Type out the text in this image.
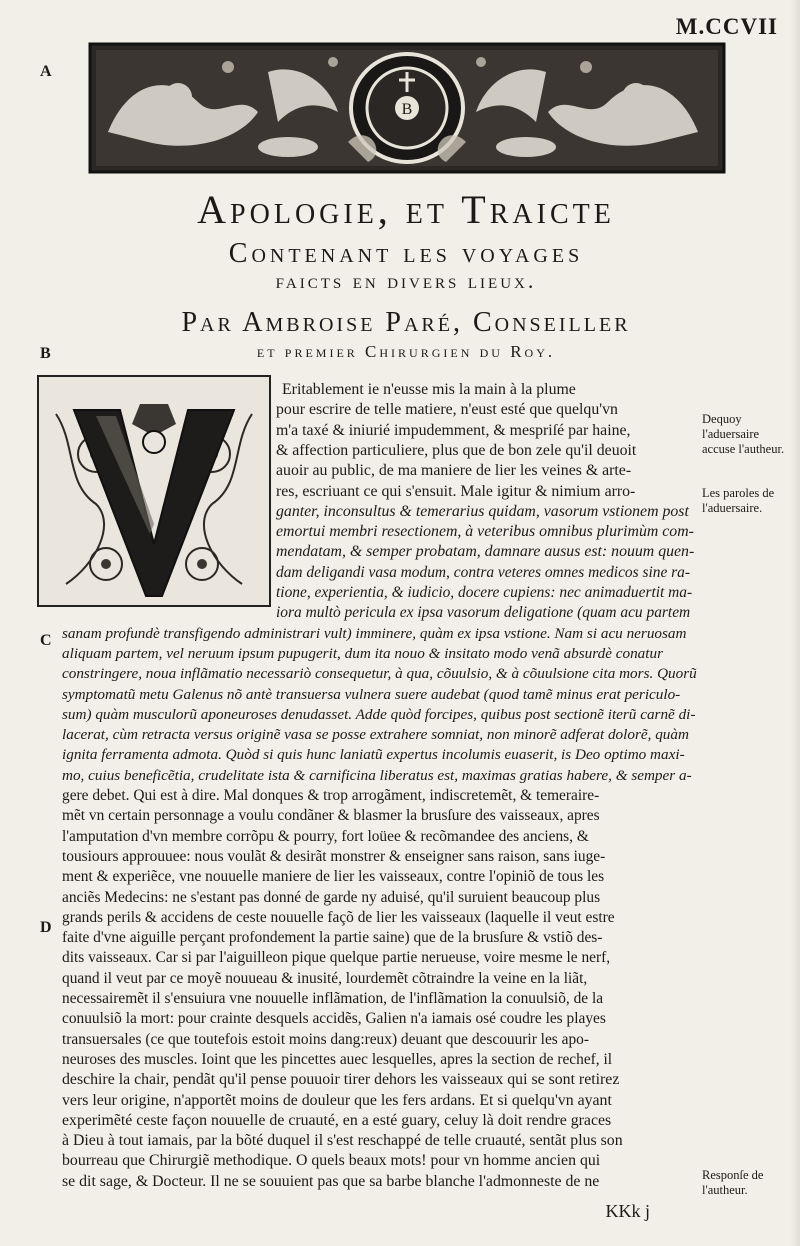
M.CCVII
A
B
C
D
B
Apologie, et Traicte
Contenant les voyages
faicts en divers lieux.
Par Ambroise Paré, Conseiller
et premier Chirurgien du Roy.
Eritablement ie n'eusse mis la main à la plume
pour escrire de telle matiere, n'eust esté que quelqu'vn
m'a taxé & iniurié impudemment, & mespriſé par haine,
& affection particuliere, plus que de bon zele qu'il deuoit
auoir au public, de ma maniere de lier les veines & arte-
res, escriuant ce qui s'ensuit. Male igitur & nimium arro-
ganter, inconsultus & temerarius quidam, vasorum vstionem post
emortui membri resectionem, à veteribus omnibus plurimùm com-
mendatam, & semper probatam, damnare ausus est: nouum quen-
dam deligandi vasa modum, contra veteres omnes medicos sine ra-
tione, experientia, & iudicio, docere cupiens: nec animaduertit ma-
iora multò pericula ex ipsa vasorum deligatione (quam acu partem
sanam profundè transfigendo administrari vult) imminere, quàm ex ipsa vstione. Nam si acu neruosam
aliquam partem, vel neruum ipsum pupugerit, dum ita nouo & insitato modo venã absurdè conatur
constringere, noua inflãmatio necessariò consequetur, à qua, cõuulsio, & à cõuulsione cita mors. Quorũ
symptomatũ metu Galenus nõ antè transuersa vulnera suere audebat (quod tamẽ minus erat periculo-
sum) quàm musculorũ aponeuroses denudasset. Adde quòd forcipes, quibus post sectionẽ iterũ carnẽ di-
lacerat, cùm retracta versus originẽ vasa se posse extrahere somniat, non minorẽ adferat dolorẽ, quàm
ignita ferramenta admota. Quòd si quis hunc laniatũ expertus incolumis euaserit, is Deo optimo maxi-
mo, cuius beneficẽtia, crudelitate ista & carnificina liberatus est, maximas gratias habere, & semper a-
gere debet. Qui est à dire. Mal donques & trop arrogãment, indiscretemẽt, & temeraire-
mẽt vn certain personnage a voulu condãner & blasmer la brusſure des vaisseaux, apres
l'amputation d'vn membre corrõpu & pourry, fort loüee & recõmandee des anciens, &
tousiours approuuee: nous voulãt & desirãt monstrer & enseigner sans raison, sans iuge-
ment & experiẽce, vne nouuelle maniere de lier les vaisseaux, contre l'opiniõ de tous les
anciẽs Medecins: ne s'estant pas donné de garde ny aduisé, qu'il suruient beaucoup plus
grands perils & accidens de ceste nouuelle façõ de lier les vaisseaux (laquelle il veut estre
faite d'vne aiguille perçant profondement la partie saine) que de la brusſure & vstiõ des-
dits vaisseaux. Car si par l'aiguilleon pique quelque partie nerueuse, voire mesme le nerf,
quand il veut par ce moyẽ nouueau & inusité, lourdemẽt cõtraindre la veine en la liãt,
necessairemẽt il s'ensuiura vne nouuelle inflãmation, de l'inflãmation la conuulsiõ, de la
conuulsiõ la mort: pour crainte desquels accidẽs, Galien n'a iamais osé coudre les playes
transuersales (ce que toutefois estoit moins dang:reux) deuant que descouurir les apo-
neuroses des muscles. Ioint que les pincettes auec lesquelles, apres la section de rechef, il
Dequoy l'aduersaire accuse l'autheur.
Les paroles de l'aduersaire.
Responſe de l'autheur.
KKk j
deschire la chair, pendãt qu'il pense pouuoir tirer dehors les vaisseaux qui se sont retirez
vers leur origine, n'apportẽt moins de douleur que les fers ardans. Et si quelqu'vn ayant
experimẽté ceste façon nouuelle de cruauté, en a esté guary, celuy là doit rendre graces
à Dieu à tout iamais, par la bõté duquel il s'est reschappé de telle cruauté, sentãt plus son
bourreau que Chirurgiẽ methodique. O quels beaux mots! pour vn homme ancien qui
se dit sage, & Docteur. Il ne se souuient pas que sa barbe blanche l'admonneste de ne
